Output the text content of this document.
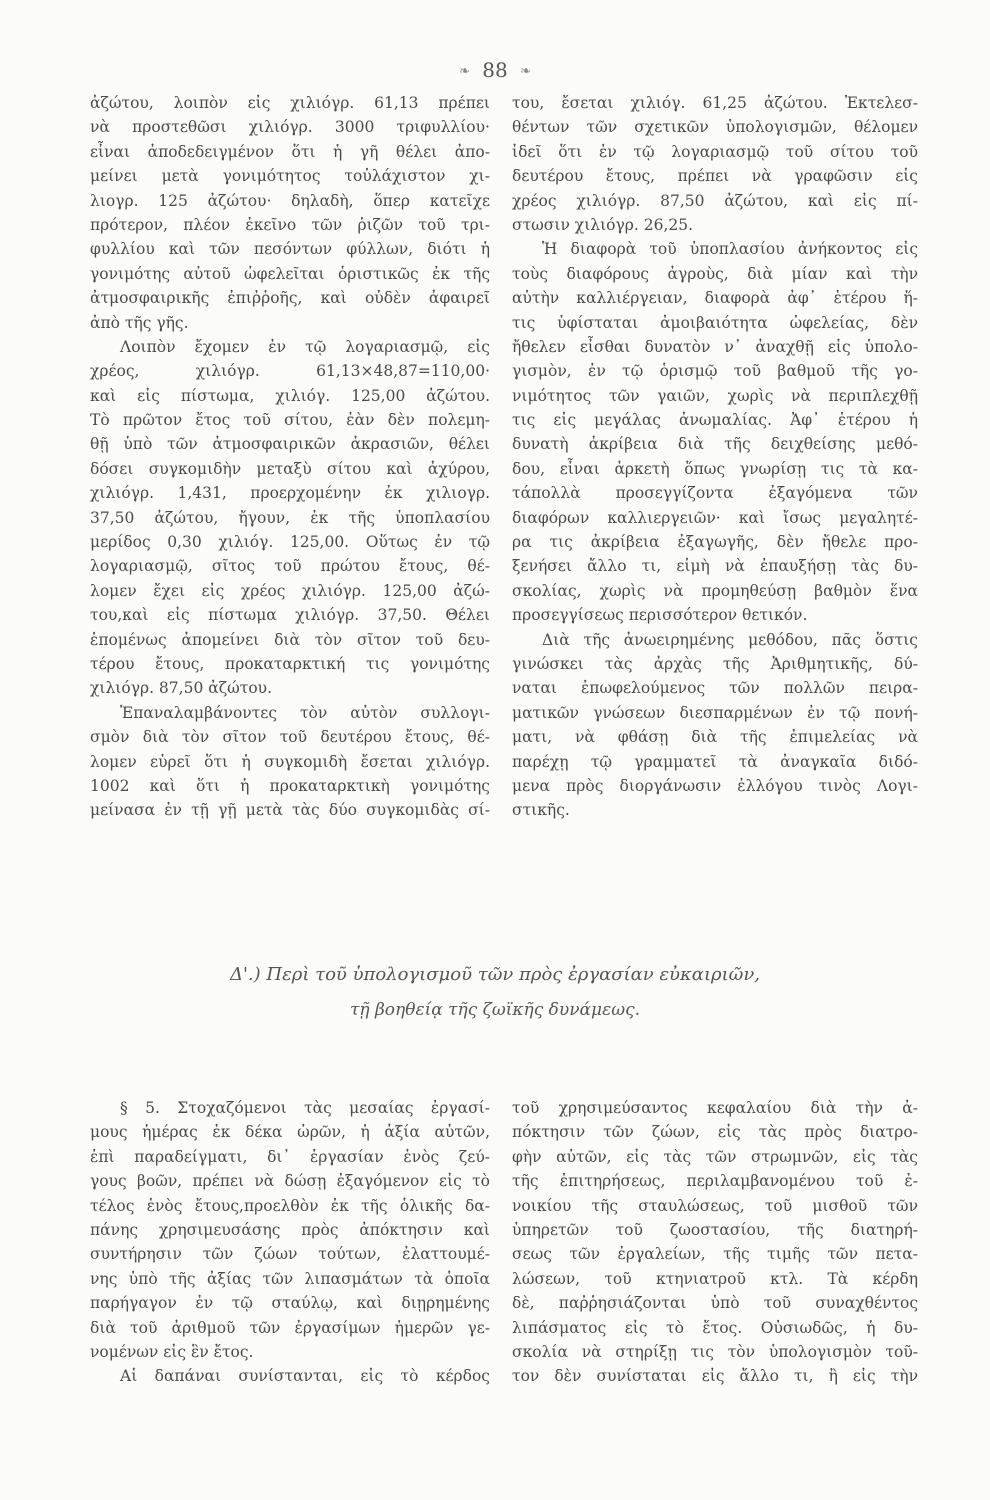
❧ 88 ❧
ἀζώτου, λοιπὸν εἰς χιλιόγρ. 61,13 πρέπει
νὰ προστεθῶσι χιλιόγρ. 3000 τριφυλλίου·
εἶναι ἀποδεδειγμένον ὅτι ἡ γῆ θέλει ἀπο-
μείνει μετὰ γονιμότητος τοὐλάχιστον χι-
λιογρ. 125 ἀζώτου· δηλαδὴ, ὅπερ κατεῖχε
πρότερον, πλέον ἐκεῖνο τῶν ῥιζῶν τοῦ τρι-
φυλλίου καὶ τῶν πεσόντων φύλλων, διότι ἡ
γονιμότης αὐτοῦ ὠφελεῖται ὁριστικῶς ἐκ τῆς
ἀτμοσφαιρικῆς ἐπιῤῥοῆς, καὶ οὐδὲν ἀφαιρεῖ
ἀπὸ τῆς γῆς.
Λοιπὸν ἔχομεν ἐν τῷ λογαριασμῷ, εἰς
χρέος, χιλιόγρ. 61,13×48,87=110,00·
καὶ εἰς πίστωμα, χιλιόγ. 125,00 ἀζώτου.
Τὸ πρῶτον ἔτος τοῦ σίτου, ἐὰν δὲν πολεμη-
θῇ ὑπὸ τῶν ἀτμοσφαιρικῶν ἀκρασιῶν, θέλει
δόσει συγκομιδὴν μεταξὺ σίτου καὶ ἀχύρου,
χιλιόγρ. 1,431, προερχομένην ἐκ χιλιογρ.
37,50 ἀζώτου, ἤγουν, ἐκ τῆς ὑποπλασίου
μερίδος 0,30 χιλιόγ. 125,00. Οὕτως ἐν τῷ
λογαριασμῷ, σῖτος τοῦ πρώτου ἔτους, θέ-
λομεν ἔχει εἰς χρέος χιλιόγρ. 125,00 ἀζώ-
του,καὶ εἰς πίστωμα χιλιόγρ. 37,50. Θέλει
ἑπομένως ἀπομείνει διὰ τὸν σῖτον τοῦ δευ-
τέρου ἔτους, προκαταρκτική τις γονιμότης
χιλιόγρ. 87,50 ἀζώτου.
Ἐπαναλαμβάνοντες τὸν αὐτὸν συλλογι-
σμὸν διὰ τὸν σῖτον τοῦ δευτέρου ἔτους, θέ-
λομεν εὑρεῖ ὅτι ἡ συγκομιδὴ ἔσεται χιλιόγρ.
1002 καὶ ὅτι ἡ προκαταρκτικὴ γονιμότης
μείνασα ἐν τῇ γῇ μετὰ τὰς δύο συγκομιδὰς σί-
του, ἔσεται χιλιόγ. 61,25 ἀζώτου. Ἐκτελεσ-
θέντων τῶν σχετικῶν ὑπολογισμῶν, θέλομεν
ἰδεῖ ὅτι ἐν τῷ λογαριασμῷ τοῦ σίτου τοῦ
δευτέρου ἔτους, πρέπει νὰ γραφῶσιν εἰς
χρέος χιλιόγρ. 87,50 ἀζώτου, καὶ εἰς πί-
στωσιν χιλιόγρ. 26,25.
Ἡ διαφορὰ τοῦ ὑποπλασίου ἀνήκοντος εἰς
τοὺς διαφόρους ἀγροὺς, διὰ μίαν καὶ τὴν
αὐτὴν καλλιέργειαν, διαφορὰ ἀφ᾽ ἑτέρου ἥ-
τις ὑφίσταται ἀμοιβαιότητα ὠφελείας, δὲν
ἤθελεν εἶσθαι δυνατὸν ν᾽ ἀναχθῇ εἰς ὑπολο-
γισμὸν, ἐν τῷ ὁρισμῷ τοῦ βαθμοῦ τῆς γο-
νιμότητος τῶν γαιῶν, χωρὶς νὰ περιπλεχθῇ
τις εἰς μεγάλας ἀνωμαλίας. Ἀφ᾽ ἑτέρου ἡ
δυνατὴ ἀκρίβεια διὰ τῆς δειχθείσης μεθό-
δου, εἶναι ἀρκετὴ ὅπως γνωρίσῃ τις τὰ κα-
τάπολλὰ προσεγγίζοντα ἐξαγόμενα τῶν
διαφόρων καλλιεργειῶν· καὶ ἴσως μεγαλητέ-
ρα τις ἀκρίβεια ἐξαγωγῆς, δὲν ἤθελε προ-
ξενήσει ἄλλο τι, εἰμὴ νὰ ἐπαυξήσῃ τὰς δυ-
σκολίας, χωρὶς νὰ προμηθεύσῃ βαθμὸν ἕνα
προσεγγίσεως περισσότερον θετικόν.
Διὰ τῆς ἀνωειρημένης μεθόδου, πᾶς ὅστις
γινώσκει τὰς ἀρχὰς τῆς Ἀριθμητικῆς, δύ-
ναται ἐπωφελούμενος τῶν πολλῶν πειρα-
ματικῶν γνώσεων διεσπαρμένων ἐν τῷ πονή-
ματι, νὰ φθάσῃ διὰ τῆς ἐπιμελείας νὰ
παρέχῃ τῷ γραμματεῖ τὰ ἀναγκαῖα διδό-
μενα πρὸς διοργάνωσιν ἐλλόγου τινὸς Λογι-
στικῆς.
Δ'.) Περὶ τοῦ ὑπολογισμοῦ τῶν πρὸς ἐργασίαν εὐκαιριῶν,
τῇ βοηθείᾳ τῆς ζωϊκῆς δυνάμεως.
§ 5. Στοχαζόμενοι τὰς μεσαίας ἐργασί-
μους ἡμέρας ἐκ δέκα ὡρῶν, ἡ ἀξία αὐτῶν,
ἐπὶ παραδείγματι, δι᾽ ἐργασίαν ἑνὸς ζεύ-
γους βοῶν, πρέπει νὰ δώσῃ ἐξαγόμενον εἰς τὸ
τέλος ἑνὸς ἔτους,προελθὸν ἐκ τῆς ὁλικῆς δα-
πάνης χρησιμευσάσης πρὸς ἀπόκτησιν καὶ
συντήρησιν τῶν ζώων τούτων, ἐλαττουμέ-
νης ὑπὸ τῆς ἀξίας τῶν λιπασμάτων τὰ ὁποῖα
παρήγαγον ἐν τῷ σταύλῳ, καὶ διῃρημένης
διὰ τοῦ ἀριθμοῦ τῶν ἐργασίμων ἡμερῶν γε-
νομένων εἰς ἓν ἔτος.
Αἱ δαπάναι συνίστανται, εἰς τὸ κέρδος
τοῦ χρησιμεύσαντος κεφαλαίου διὰ τὴν ἀ-
πόκτησιν τῶν ζώων, εἰς τὰς πρὸς διατρο-
φὴν αὐτῶν, εἰς τὰς τῶν στρωμνῶν, εἰς τὰς
τῆς ἐπιτηρήσεως, περιλαμβανομένου τοῦ ἐ-
νοικίου τῆς σταυλώσεως, τοῦ μισθοῦ τῶν
ὑπηρετῶν τοῦ ζωοστασίου, τῆς διατηρή-
σεως τῶν ἐργαλείων, τῆς τιμῆς τῶν πετα-
λώσεων, τοῦ κτηνιατροῦ κτλ. Τὰ κέρδη
δὲ, παῤῥησιάζονται ὑπὸ τοῦ συναχθέντος
λιπάσματος εἰς τὸ ἔτος. Οὐσιωδῶς, ἡ δυ-
σκολία νὰ στηρίξῃ τις τὸν ὑπολογισμὸν τοῦ-
τον δὲν συνίσταται εἰς ἄλλο τι, ἢ εἰς τὴν
